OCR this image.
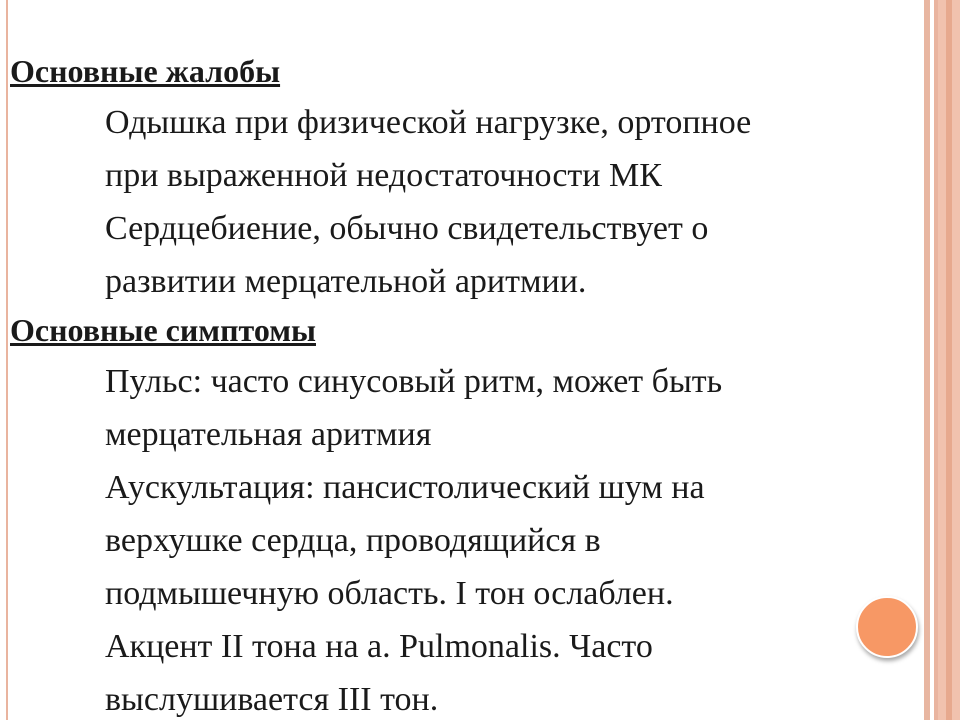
Основные жалобы

Одышка при физической нагрузке, ортопное

при выраженной недостаточности МК

Сердцебиение, обычно свидетельствует о

развитии мерцательной аритмии.

Основные симптомы

Пульс: часто синусовый ритм, может быть

мерцательная аритмия

Аускультация: пансистолический шум на

верхушке сердца, проводящийся в

подмышечную область. I тон ослаблен.

Акцент II тона на a. Pulmonalis. Часто

выслушивается III тон.
